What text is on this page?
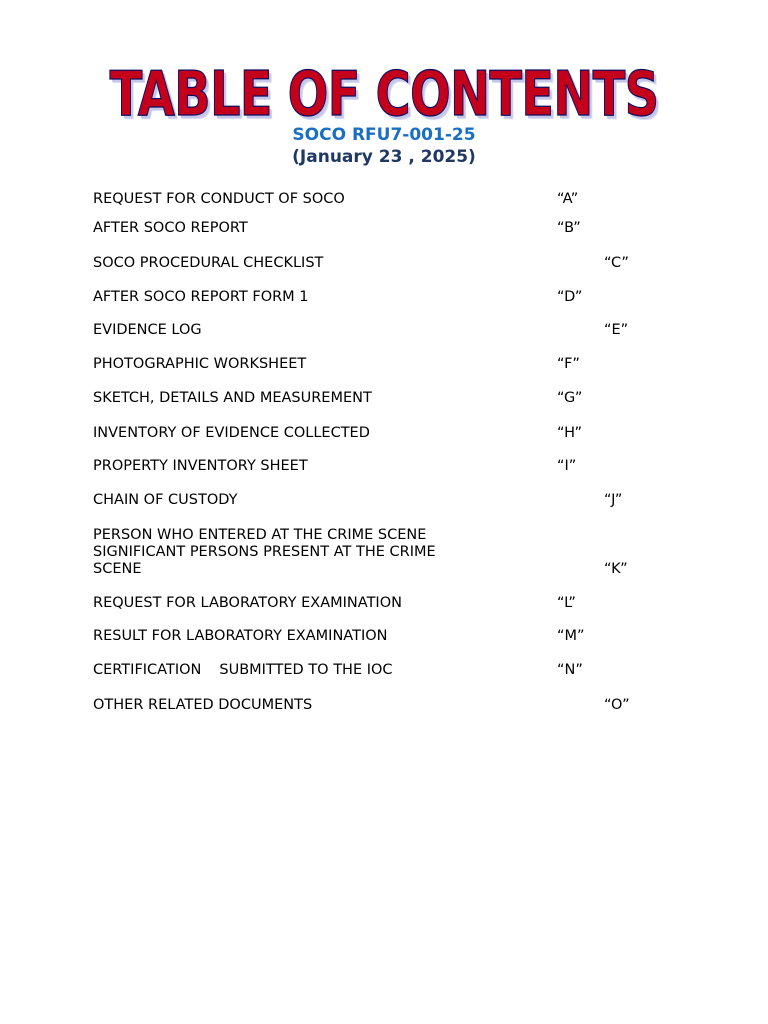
TABLE OF CONTENTS
SOCO RFU7-001-25
(January 23 , 2025)
REQUEST FOR CONDUCT OF SOCO	“A”
AFTER SOCO REPORT	“B”
SOCO PROCEDURAL CHECKLIST	“C”
AFTER SOCO REPORT FORM 1	“D”
EVIDENCE LOG	“E”
PHOTOGRAPHIC WORKSHEET	“F”
SKETCH, DETAILS AND MEASUREMENT	“G”
INVENTORY OF EVIDENCE COLLECTED	“H”
PROPERTY INVENTORY SHEET	“I”
CHAIN OF CUSTODY	“J”
PERSON WHO ENTERED AT THE CRIME SCENE SIGNIFICANT PERSONS PRESENT AT THE CRIME SCENE	“K”
REQUEST FOR LABORATORY EXAMINATION	“L”
RESULT FOR LABORATORY EXAMINATION	“M”
CERTIFICATION SUBMITTED TO THE IOC	“N”
OTHER RELATED DOCUMENTS	“O”
